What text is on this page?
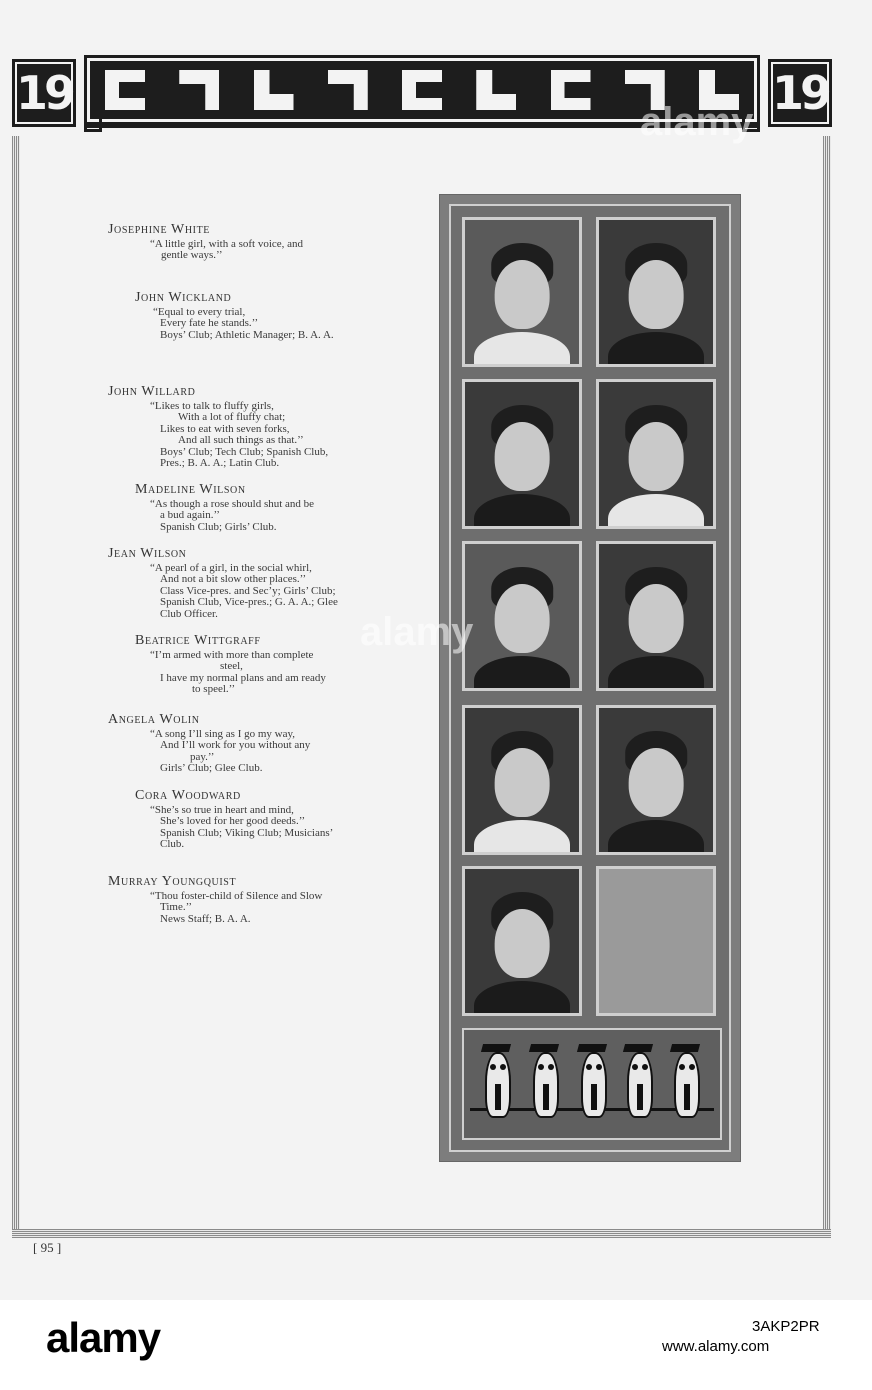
19	19
Josephine White
“A little girl, with a soft voice, and
gentle ways.’’
John Wickland
“Equal to every trial,
Every fate he stands.’’
Boys’ Club; Athletic Manager; B. A. A.
John Willard
“Likes to talk to fluffy girls,
With a lot of fluffy chat;
Likes to eat with seven forks,
And all such things as that.’’
Boys’ Club; Tech Club; Spanish Club,
Pres.; B. A. A.; Latin Club.
Madeline Wilson
“As though a rose should shut and be
a bud again.’’
Spanish Club; Girls’ Club.
Jean Wilson
“A pearl of a girl, in the social whirl,
And not a bit slow other places.’’
Class Vice-pres. and Sec’y; Girls’ Club;
Spanish Club, Vice-pres.; G. A. A.; Glee
Club Officer.
Beatrice Wittgraff
“I’m armed with more than complete
steel,
I have my normal plans and am ready
to speel.’’
Angela Wolin
“A song I’ll sing as I go my way,
And I’ll work for you without any
pay.’’
Girls’ Club; Glee Club.
Cora Woodward
“She’s so true in heart and mind,
She’s loved for her good deeds.’’
Spanish Club; Viking Club; Musicians’
Club.
Murray Youngquist
“Thou foster-child of Silence and Slow
Time.’’
News Staff; B. A. A.
[ 95 ]
alamy
alamy
alamy	3AKP2PR
www.alamy.com
